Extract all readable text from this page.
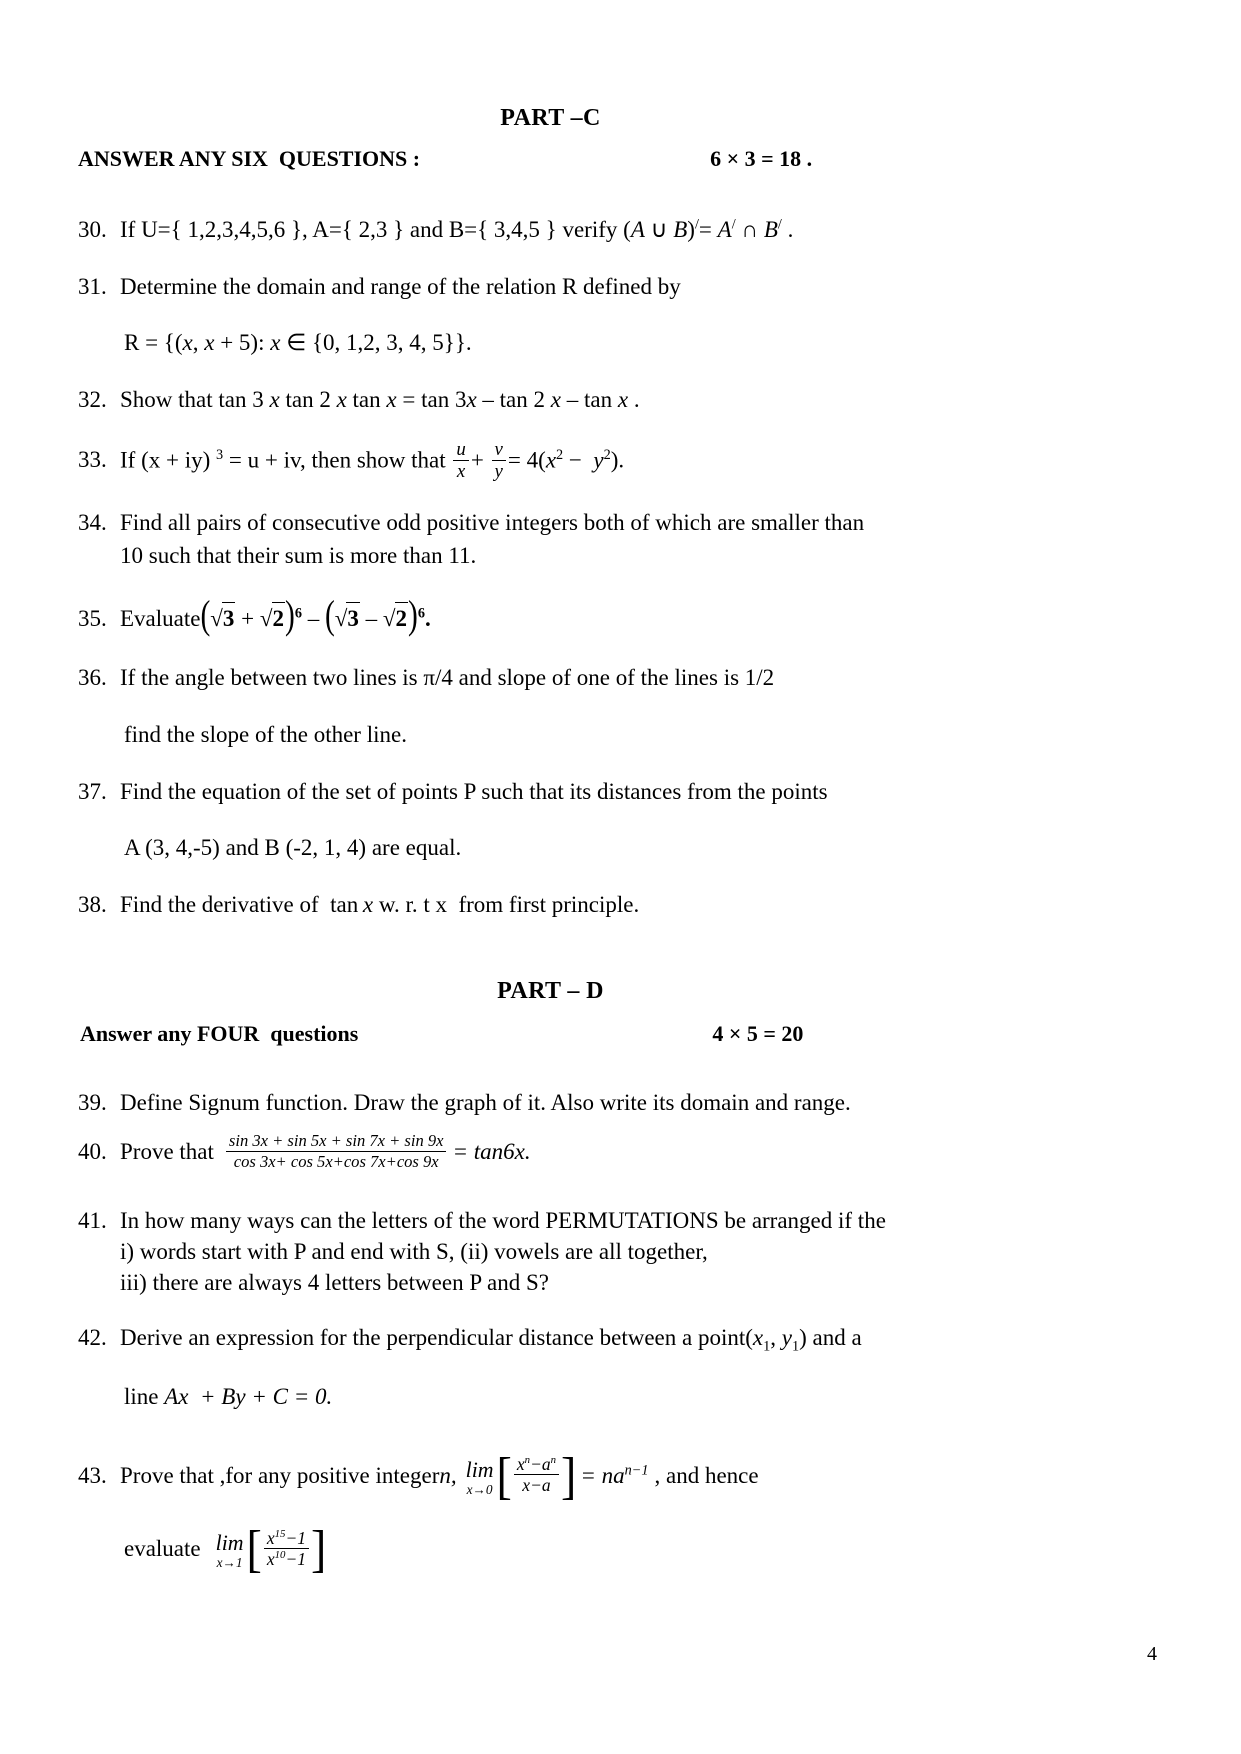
PART –C
ANSWER ANY SIX  QUESTIONS :	6 × 3 = 18 .
30. If U={ 1,2,3,4,5,6 }, A={ 2,3 } and B={ 3,4,5 } verify (A ∪ B)/= A/ ∩ B/ .
31. Determine the domain and range of the relation R defined by
R = {(x, x + 5): x ∈ {0, 1,2, 3, 4, 5}}.
32. Show that tan 3 x tan 2 x tan x = tan 3x – tan 2 x – tan x .
33. If (x + iy) $^3$ = u + iv, then show that $\frac{u}{x} + \frac{v}{y} = 4(x^2 - y^2)$.
34. Find all pairs of consecutive odd positive integers both of which are smaller than
10 such that their sum is more than 11.
35. Evaluate(√3 + √2)$^6$ – (√3 – √2)$^6$.
36. If the angle between two lines is π/4 and slope of one of the lines is 1/2
find the slope of the other line.
37. Find the equation of the set of points P such that its distances from the points
A (3, 4,-5) and B (-2, 1, 4) are equal.
38. Find the derivative of  tan x w. r. t x  from first principle.
PART – D
Answer any FOUR  questions	4 × 5 = 20
39. Define Signum function. Draw the graph of it. Also write its domain and range.
40. Prove that $\frac{\sin 3x + \sin 5x + \sin 7x + \sin 9x}{\cos 3x+ \cos 5x+\cos 7x+\cos 9x} = \tan 6x$.
41. In how many ways can the letters of the word PERMUTATIONS be arranged if the
i) words start with P and end with S, (ii) vowels are all together,
iii) there are always 4 letters between P and S?
42. Derive an expression for the perpendicular distance between a $point(x_1$, $y_1$) and a
line Ax  + By + C = 0.
43. Prove that ,for any positive integer n, lim
x→0 [ $\frac{x^n-a^n}{x-a}$ ] = $na^{n-1}$ , and hence
evaluate lim
x→1 [ $\frac{x^{15}-1}{x^{10}-1}$ ]
4
